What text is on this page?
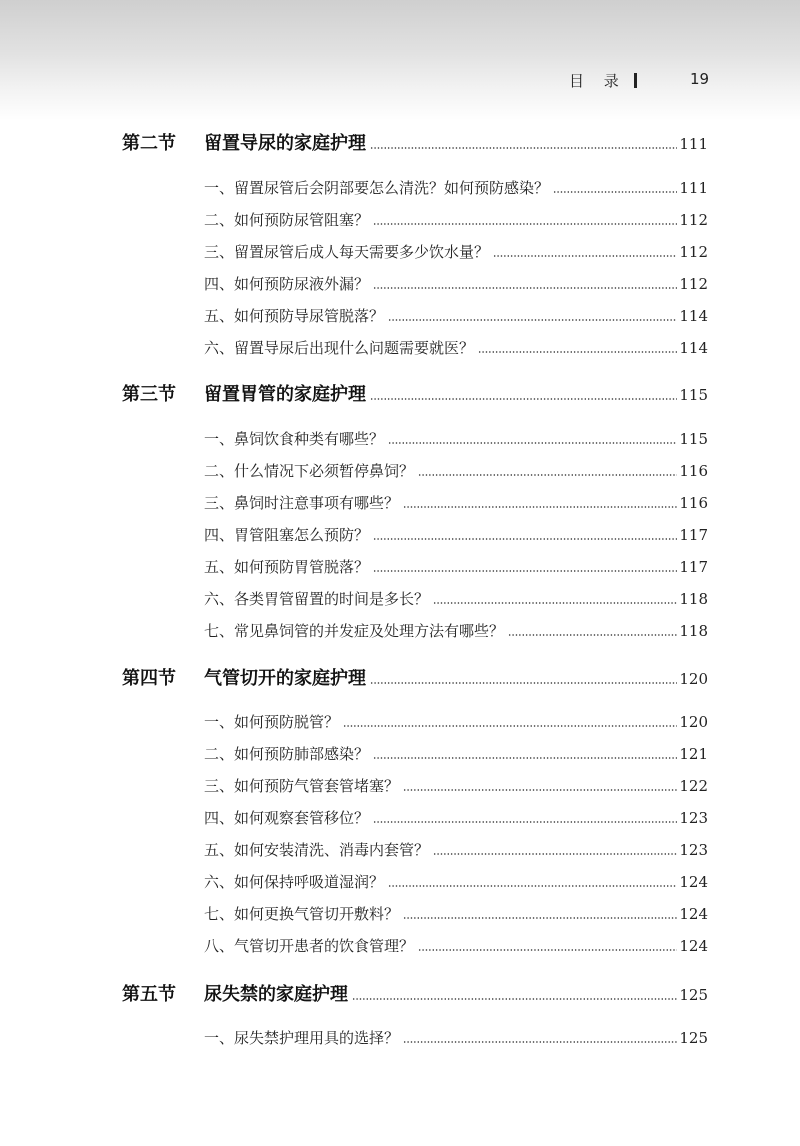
目　 录	19
第二节	留置导尿的家庭护理	111
一、留置尿管后会阴部要怎么清洗？如何预防感染？	111
二、如何预防尿管阻塞？	112
三、留置尿管后成人每天需要多少饮水量？	112
四、如何预防尿液外漏？	112
五、如何预防导尿管脱落？	114
六、留置导尿后出现什么问题需要就医？	114
第三节	留置胃管的家庭护理	115
一、鼻饲饮食种类有哪些？	115
二、什么情况下必须暂停鼻饲？	116
三、鼻饲时注意事项有哪些？	116
四、胃管阻塞怎么预防？	117
五、如何预防胃管脱落？	117
六、各类胃管留置的时间是多长？	118
七、常见鼻饲管的并发症及处理方法有哪些？	118
第四节	气管切开的家庭护理	120
一、如何预防脱管？	120
二、如何预防肺部感染？	121
三、如何预防气管套管堵塞？	122
四、如何观察套管移位？	123
五、如何安装清洗、消毒内套管？	123
六、如何保持呼吸道湿润？	124
七、如何更换气管切开敷料？	124
八、气管切开患者的饮食管理？	124
第五节	尿失禁的家庭护理	125
一、尿失禁护理用具的选择？	125
